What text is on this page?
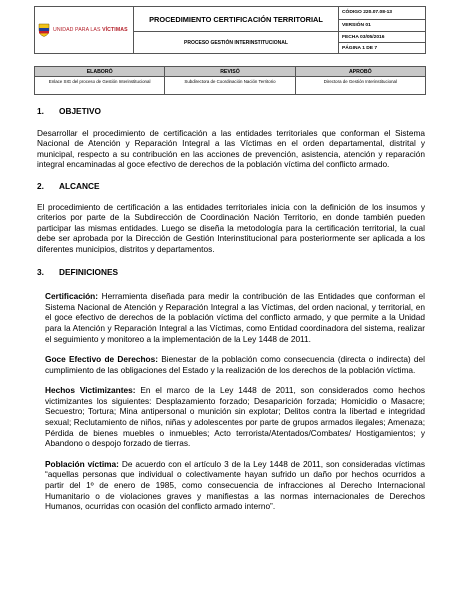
UNIDAD PARA LAS VÍCTIMAS	PROCEDIMIENTO CERTIFICACIÓN TERRITORIAL	CÓDIGO 220.07.08-13
		VERSIÓN 01
	PROCESO GESTIÓN INTERINSTITUCIONAL	FECHA 03/05/2016
		PÁGINA 1 DE 7
ELABORÓ	REVISÓ	APROBÓ
Enlace SIG del proceso de Gestión Interinstitucional	Subdirectora de Coordinación Nación Territorio	Directora de Gestión Interinstitucional
1.	OBJETIVO

Desarrollar el procedimiento de certificación a las entidades territoriales que conforman el Sistema Nacional de Atención y Reparación Integral a las Víctimas en el orden departamental, distrital y municipal, respecto a su contribución en las acciones de prevención, asistencia, atención y reparación integral encaminadas al goce efectivo de derechos de la población víctima del conflicto armado.

2.	ALCANCE

El procedimiento de certificación a las entidades territoriales inicia con la definición de los insumos y criterios por parte de la Subdirección de Coordinación Nación Territorio, en donde también pueden participar las mismas entidades. Luego se diseña la metodología para la certificación territorial, la cual debe ser aprobada por la Dirección de Gestión Interinstitucional para posteriormente ser aplicada a los diferentes municipios, distritos y departamentos.

3.	DEFINICIONES

Certificación: Herramienta diseñada para medir la contribución de las Entidades que conforman el Sistema Nacional de Atención y Reparación Integral a las Víctimas, del orden nacional, y territorial, en el goce efectivo de derechos de la población víctima del conflicto armado, y que permite a la Unidad para la Atención y Reparación Integral a las Víctimas, como Entidad coordinadora del sistema, realizar el seguimiento y monitoreo a la implementación de la Ley 1448 de 2011.

Goce Efectivo de Derechos: Bienestar de la población como consecuencia (directa o indirecta) del cumplimiento de las obligaciones del Estado y la realización de los derechos de la población víctima.

Hechos Victimizantes: En el marco de la Ley 1448 de 2011, son considerados como hechos victimizantes los siguientes: Desplazamiento forzado; Desaparición forzada; Homicidio o Masacre; Secuestro; Tortura; Mina antipersonal o munición sin explotar; Delitos contra la libertad e integridad sexual; Reclutamiento de niños, niñas y adolescentes por parte de grupos armados ilegales; Amenaza; Pérdida de bienes muebles o inmuebles; Acto terrorista/Atentados/Combates/ Hostigamientos; y Abandono o despojo forzado de tierras.

Población víctima: De acuerdo con el artículo 3 de la Ley 1448 de 2011, son consideradas víctimas “aquellas personas que individual o colectivamente hayan sufrido un daño por hechos ocurridos a partir del 1º de enero de 1985, como consecuencia de infracciones al Derecho Internacional Humanitario o de violaciones graves y manifiestas a las normas internacionales de Derechos Humanos, ocurridas con ocasión del conflicto armado interno”.
